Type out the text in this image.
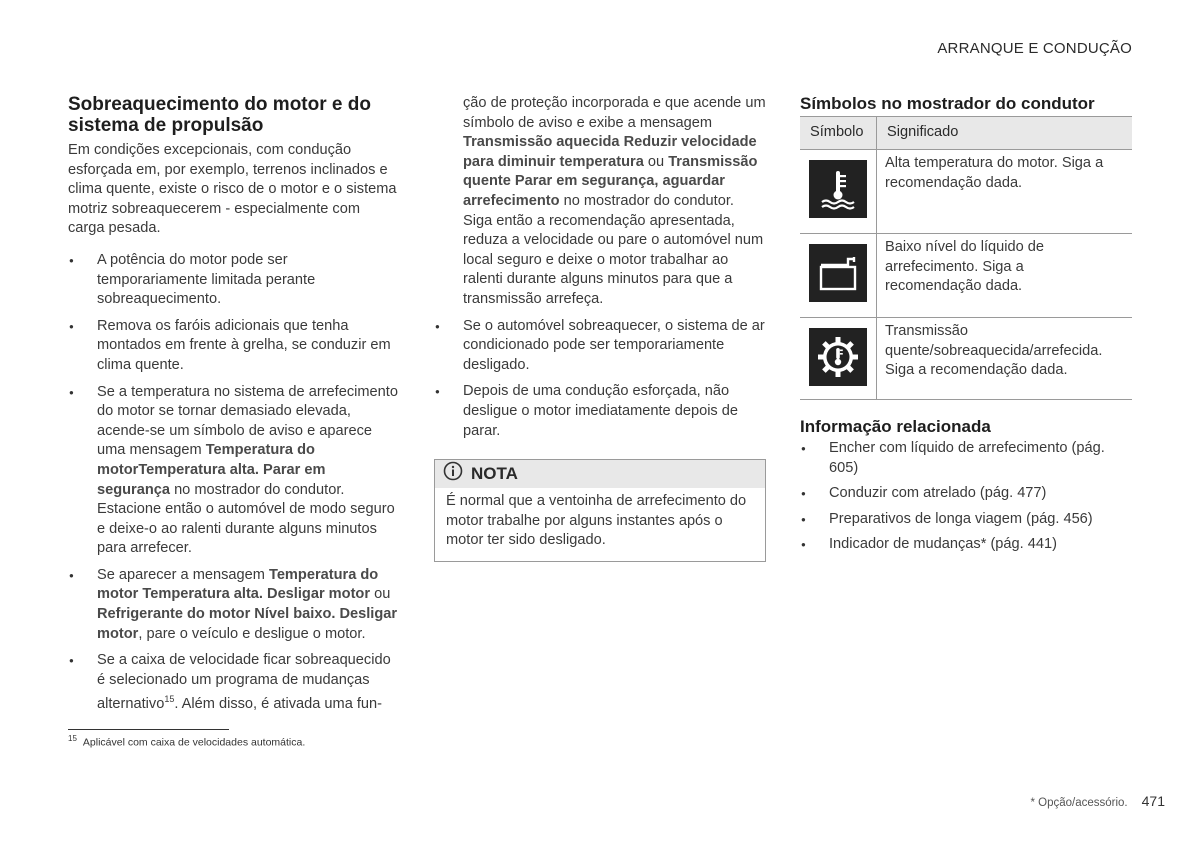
ARRANQUE E CONDUÇÃO
Sobreaquecimento do motor e do sistema de propulsão

Em condições excepcionais, com condução esforçada em, por exemplo, terrenos inclinados e clima quente, existe o risco de o motor e o sistema motriz sobreaquecerem - especialmente com carga pesada.

● A potência do motor pode ser temporariamente limitada perante sobreaquecimento.
● Remova os faróis adicionais que tenha montados em frente à grelha, se conduzir em clima quente.
● Se a temperatura no sistema de arrefecimento do motor se tornar demasiado elevada, acende-se um símbolo de aviso e aparece uma mensagem Temperatura do motorTemperatura alta. Parar em segurança no mostrador do condutor. Estacione então o automóvel de modo seguro e deixe-o ao ralenti durante alguns minutos para arrefecer.
● Se aparecer a mensagem Temperatura do motor Temperatura alta. Desligar motor ou Refrigerante do motor Nível baixo. Desligar motor, pare o veículo e desligue o motor.
● Se a caixa de velocidade ficar sobreaquecido é selecionado um programa de mudanças alternativo$^{15}$. Além disso, é ativada uma fun-

ção de proteção incorporada e que acende um símbolo de aviso e exibe a mensagem Transmissão aquecida Reduzir velocidade para diminuir temperatura ou Transmissão quente Parar em segurança, aguardar arrefecimento no mostrador do condutor. Siga então a recomendação apresentada, reduza a velocidade ou pare o automóvel num local seguro e deixe o motor trabalhar ao ralenti durante alguns minutos para que a transmissão arrefeça.

● Se o automóvel sobreaquecer, o sistema de ar condicionado pode ser temporariamente desligado.
● Depois de uma condução esforçada, não desligue o motor imediatamente depois de parar.
NOTA
É normal que a ventoinha de arrefecimento do motor trabalhe por alguns instantes após o motor ter sido desligado.
Símbolos no mostrador do condutor
Símbolo	Significado

	Alta temperatura do motor. Siga a recomendação dada.

	Baixo nível do líquido de arrefecimento. Siga a recomendação dada.

	Transmissão quente/sobreaquecida/arrefecida. Siga a recomendação dada.
Informação relacionada
● Encher com líquido de arrefecimento (pág. 605)
● Conduzir com atrelado (pág. 477)
● Preparativos de longa viagem (pág. 456)
● Indicador de mudanças* (pág. 441)
$^{15}$ Aplicável com caixa de velocidades automática.
* Opção/acessório. 471
